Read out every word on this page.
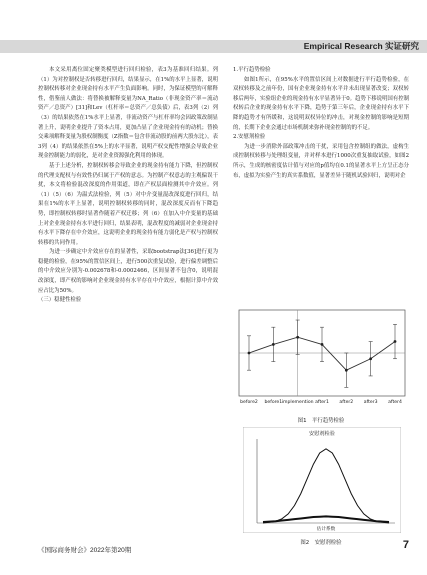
Empirical Research 实证研究

本文采用离位固定聚类模型进行回归检验，表3为基准回归结果。列（1）为对控制权是否转移进行回归，结果显示，在1%的水平上显著，说明控制权转移对企业现金持有水平产生负面影响。同时，为保证模型的可解释性，借鉴前人做法：将替换被解释变量为NA_Ratio（非现金资产率＝流动资产／总资产）[31]和Lev（杠杆率＝总资产／总负债）后，表3列（2）列（3）的结果依然在1%水平上显著，非流动资产与杠杆率均会因政策改制显著上升，说明企业提升了资本占用，更加凸显了企业现金持有的动机；替换交乘项解释变量为股权制衡度（Z指数＝包含非流动股的前两大股东比），表3列（4）的结果依然在5%上的水平显著，说明产权交配性增强会导致企业现金控制能力的弱化，是对企业资源强化利用的体现。

基于上述分析，控制权转移会导致企业的现金持有能力下降，但控制权的代理支配权与有效性仍归属于产权的意志。为控制产权意志的主观偏误干扰，本文将检验混改深度的作用渠道，即在产权层面检测其中介效应。列（1）（5）（6）为温式法检验，列（5）对中介变量混改深度进行回归，结果在1%的水平上显著，说明控制权转移的同时，混改深度反而有下降趋势，即控制权转移时显著作随着产权迁移；列（6）在加入中介变量的基础上对企业现金持有水平进行回归，结果表明，混改程度的减弱对企业现金持有水平下降存在中介效应，这说明企业的现金持有能力弱化是产权与控制权转移的共同作用。

为进一步确定中介效应存在的显著性，采取bootstrap法[36]进行更为稳健的检验，在95%的置信区间上，进行500次重复试验，进行偏差调整后的中介效应分别为-0.002678和-0.0002466，区间显著不包含0，说明混改深度，即产权的影响对企业现金持有水平存在中介效应，根据计算中介效应占比为50%。

（三）稳健性检验
1.平行趋势检验

如图1所示，在95%水平的置信区间上对数据进行平行趋势检验，在双权转移及之前年份，国有企业现金持有水平并未出现显著改变；双权转移后两年，实验组企业的现金持有水平显著异于0。趋势下移说明国有控制权转后企业的现金持有水平下降，趋势于第三年后，企业现金持有水平下降的趋势才有所缓和，这说明双权异位的冲击，对现金控制的影响是短期的，长期下企业会通过市场机制来弥补现金控制的的不足。

2.安慰剂检验

为进一步消除外部政策冲击的干扰，采用包含控制组的做法，虚构生成控制权转移与处理组变量，并对样本进行1000次重复抽取试验，如图2所示，生成的核密度估计值与对应的p值均在0.1的显著水平上方呈正态分布，虚拟为实验产生的真实系数值，显著差异于随机试验回归，说明对企

before2 before1 implemention after1 after2 after3 after4
图1　平行趋势检验
安慰剂检验
估计系数
图2　安慰剂检验
《国际商务财会》2022年第20期	7
